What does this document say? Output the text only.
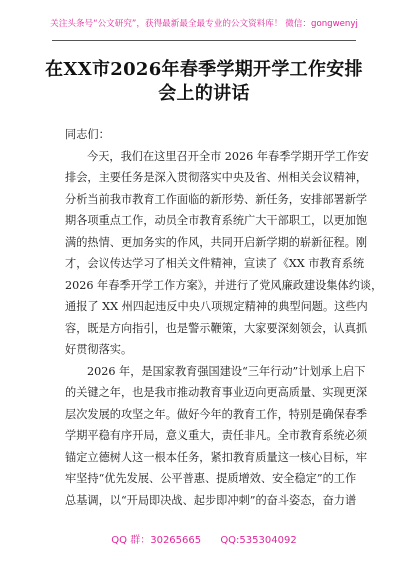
关注头条号“公文研究”，获得最新最全最专业的公文资料库！ 微信：gongwenyj
在XX市2026年春季学期开学工作安排
会上的讲话
同志们：
今天，我们在这里召开全市 2026 年春季学期开学工作安
排会，主要任务是深入贯彻落实中央及省、州相关会议精神，
分析当前我市教育工作面临的新形势、新任务，安排部署新学
期各项重点工作，动员全市教育系统广大干部职工，以更加饱
满的热情、更加务实的作风，共同开启新学期的崭新征程。刚
才，会议传达学习了相关文件精神，宣读了《XX 市教育系统
2026 年春季开学工作方案》，并进行了党风廉政建设集体约谈，
通报了 XX 州四起违反中央八项规定精神的典型问题。这些内
容，既是方向指引，也是警示鞭策，大家要深刻领会，认真抓
好贯彻落实。
2026 年，是国家教育强国建设“三年行动”计划承上启下
的关键之年，也是我市推动教育事业迈向更高质量、实现更深
层次发展的攻坚之年。做好今年的教育工作，特别是确保春季
学期平稳有序开局，意义重大，责任非凡。全市教育系统必须
锚定立德树人这一根本任务，紧扣教育质量这一核心目标，牢
牢坚持“优先发展、公平普惠、提质增效、安全稳定”的工作
总基调，以“开局即决战、起步即冲刺”的奋斗姿态，奋力谱
QQ 群：30265665 QQ:535304092
